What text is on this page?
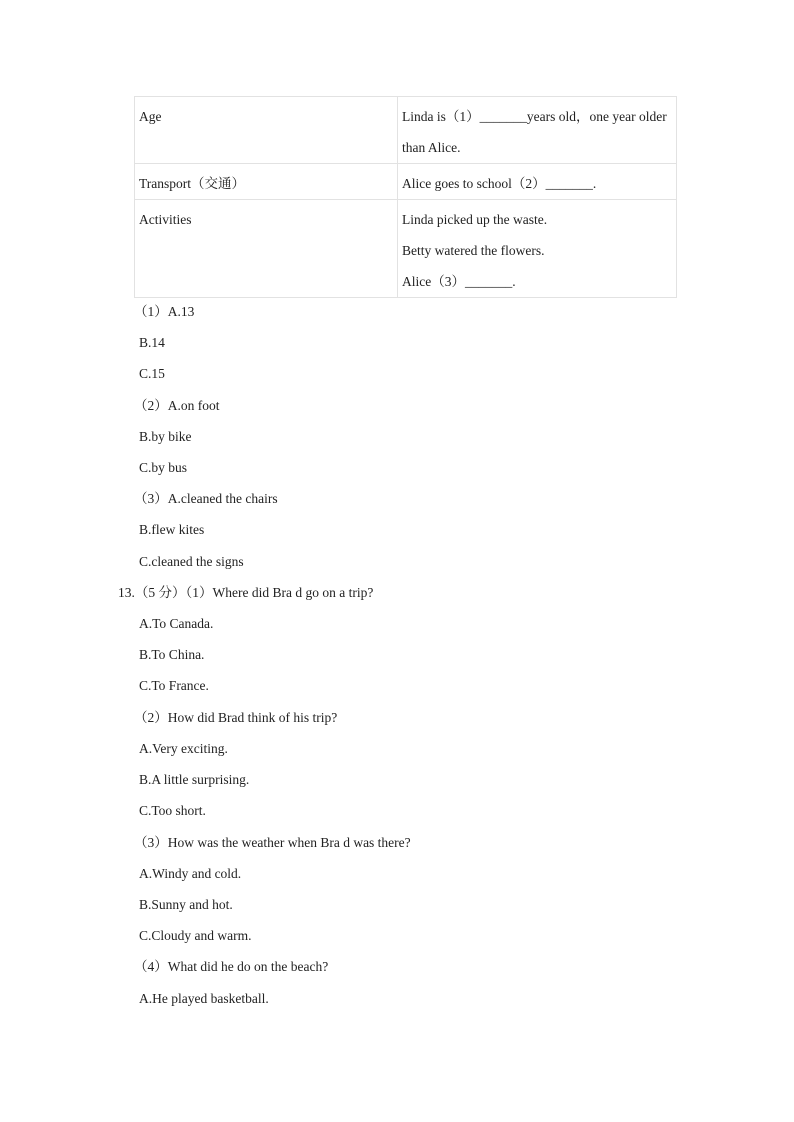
Age	Linda is（1）_______years old，one year older
than Alice.

Transport（交通）	Alice goes to school（2）_______.

Activities	Linda picked up the waste.
Betty watered the flowers.
Alice（3）_______.
（1）A.13
B.14
C.15
（2）A.on foot
B.by bike
C.by bus
（3）A.cleaned the chairs
B.flew kites
C.cleaned the signs
13.（5 分）（1）Where did Bra d go on a trip?
A.To Canada.
B.To China.
C.To France.
（2）How did Brad think of his trip?
A.Very exciting.
B.A little surprising.
C.Too short.
（3）How was the weather when Bra d was there?
A.Windy and cold.
B.Sunny and hot.
C.Cloudy and warm.
（4）What did he do on the beach?
A.He played basketball.
